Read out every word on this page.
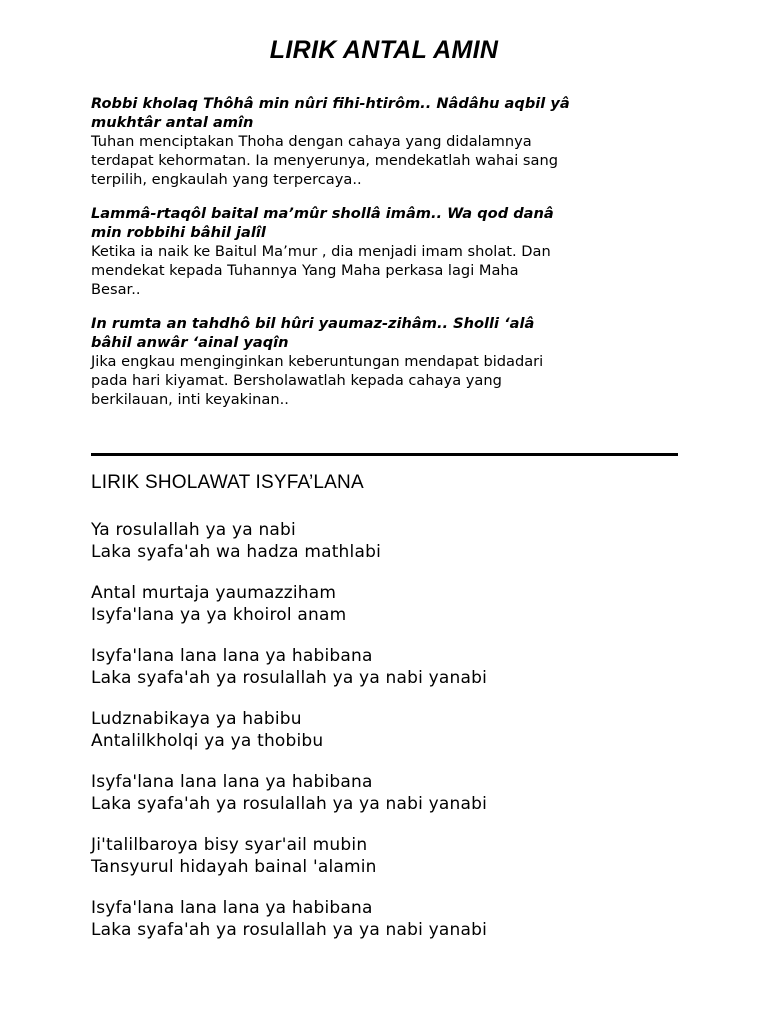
LIRIK ANTAL AMIN
Robbi kholaq Thôhâ min nûri fihi-htirôm.. Nâdâhu aqbil yâ
mukhtâr antal amîn
Tuhan menciptakan Thoha dengan cahaya yang didalamnya
terdapat kehormatan. Ia menyerunya, mendekatlah wahai sang
terpilih, engkaulah yang terpercaya..
Lammâ-rtaqôl baital ma’mûr shollâ imâm.. Wa qod danâ
min robbihi bâhil jalîl
Ketika ia naik ke Baitul Ma’mur , dia menjadi imam sholat. Dan
mendekat kepada Tuhannya Yang Maha perkasa lagi Maha
Besar..
In rumta an tahdhô bil hûri yaumaz-zihâm.. Sholli ‘alâ
bâhil anwâr ‘ainal yaqîn
Jika engkau menginginkan keberuntungan mendapat bidadari
pada hari kiyamat. Bersholawatlah kepada cahaya yang
berkilauan, inti keyakinan..
LIRIK SHOLAWAT ISYFA’LANA
Ya rosulallah ya ya nabi
Laka syafa'ah wa hadza mathlabi
Antal murtaja yaumazziham
Isyfa'lana ya ya khoirol anam
Isyfa'lana lana lana ya habibana
Laka syafa'ah ya rosulallah ya ya nabi yanabi
Ludznabikaya ya habibu
Antalilkholqi ya ya thobibu
Isyfa'lana lana lana ya habibana
Laka syafa'ah ya rosulallah ya ya nabi yanabi
Ji'talilbaroya bisy syar'ail mubin
Tansyurul hidayah bainal 'alamin
Isyfa'lana lana lana ya habibana
Laka syafa'ah ya rosulallah ya ya nabi yanabi
